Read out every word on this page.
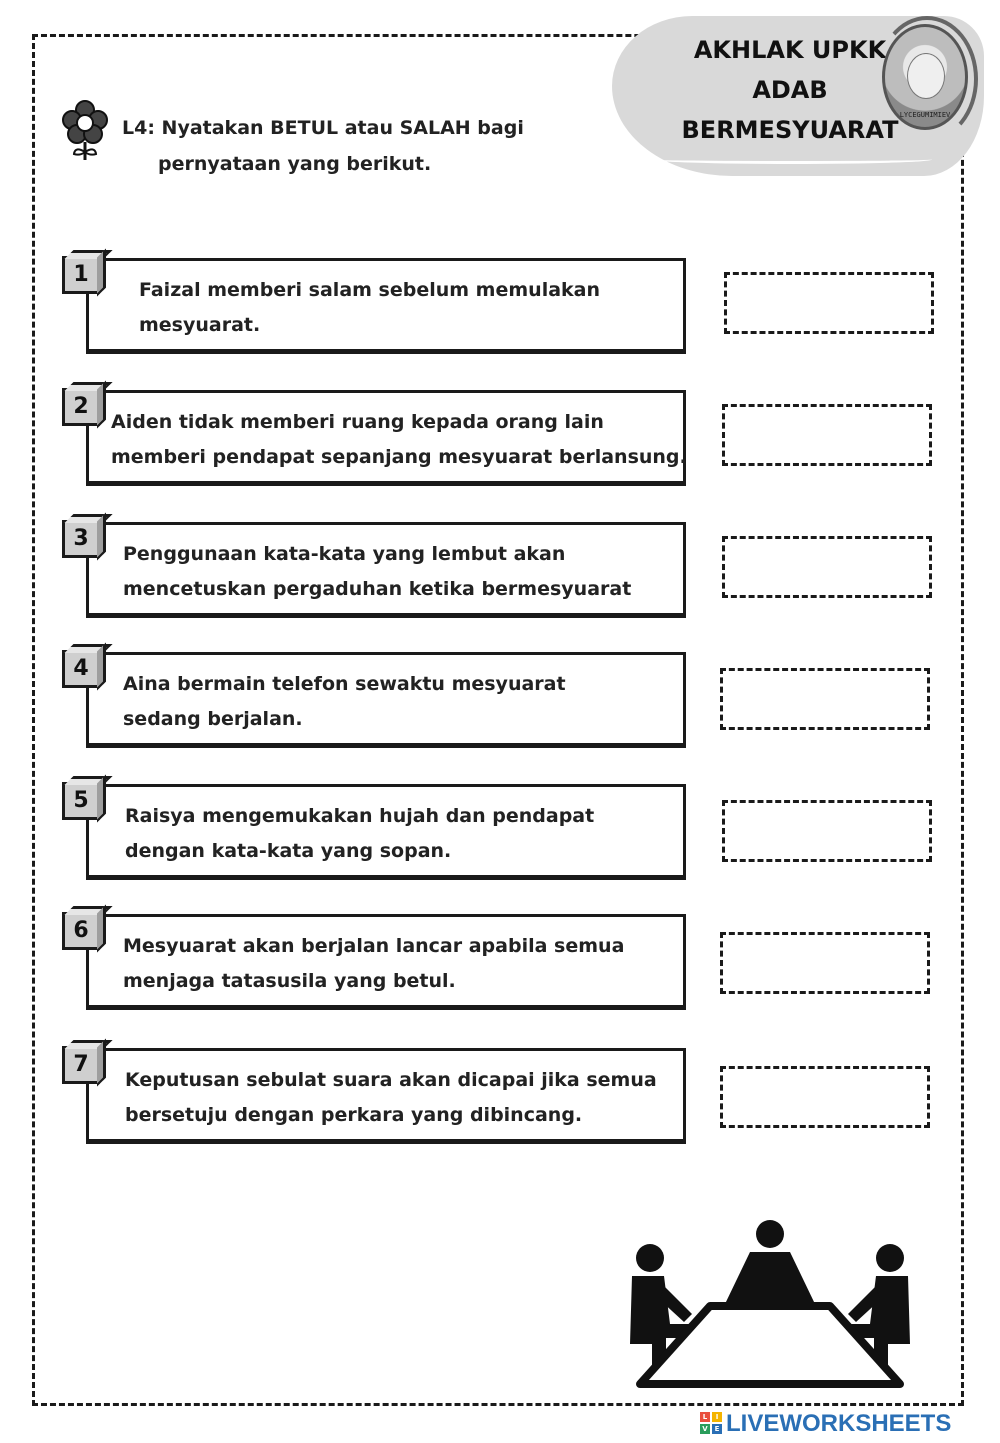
AKHLAK UPKK
ADAB
BERMESYUARAT
LYCEGUMIMIEV
L4: Nyatakan BETUL atau SALAH bagi
pernyataan yang berikut.
Faizal memberi salam sebelum memulakan
mesyuarat.
1
Aiden tidak memberi ruang kepada orang lain
memberi pendapat sepanjang mesyuarat berlansung.
2
Penggunaan kata-kata yang lembut akan
mencetuskan pergaduhan ketika bermesyuarat
3
Aina bermain telefon sewaktu mesyuarat
sedang berjalan.
4
Raisya mengemukakan hujah dan pendapat
dengan kata-kata yang sopan.
5
Mesyuarat akan berjalan lancar apabila semua
menjaga tatasusila yang betul.
6
Keputusan sebulat suara akan dicapai jika semua
bersetuju dengan perkara yang dibincang.
7
L	I
V E LIVEWORKSHEETS
